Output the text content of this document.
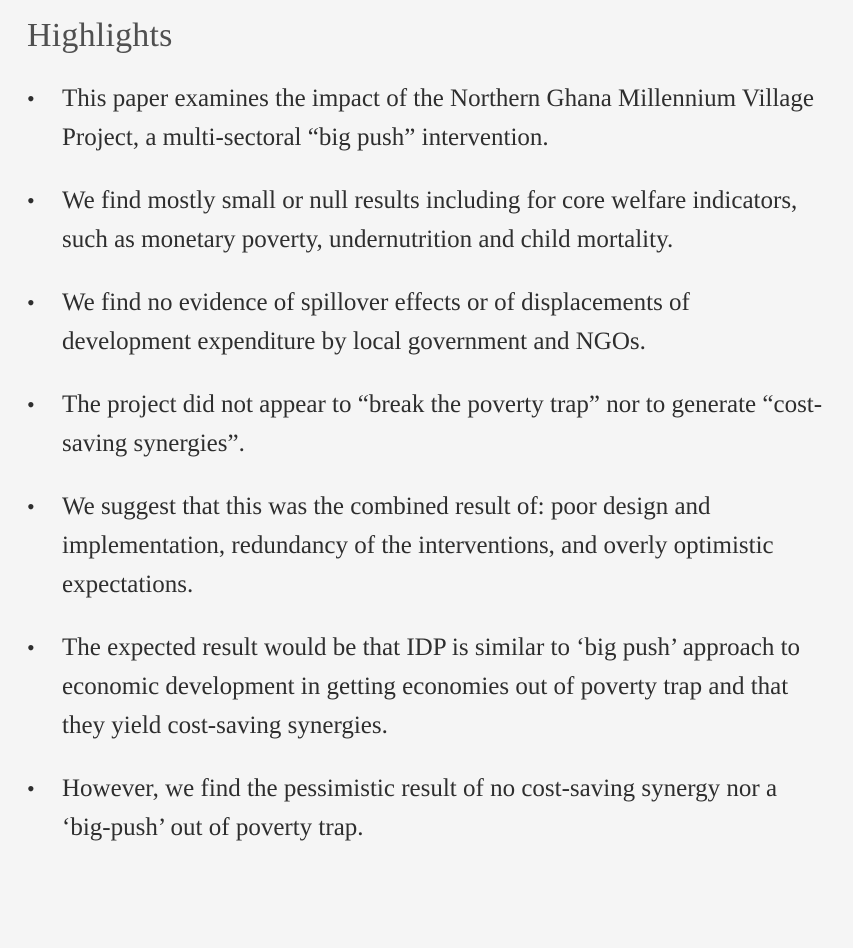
Highlights
• This paper examines the impact of the Northern Ghana Millennium Village Project, a multi-sectoral “big push” intervention.
• We find mostly small or null results including for core welfare indicators, such as monetary poverty, undernutrition and child mortality.
• We find no evidence of spillover effects or of displacements of development expenditure by local government and NGOs.
• The project did not appear to “break the poverty trap” nor to generate “cost-saving synergies”.
• We suggest that this was the combined result of: poor design and implementation, redundancy of the interventions, and overly optimistic expectations.
• The expected result would be that IDP is similar to ‘big push’ approach to economic development in getting economies out of poverty trap and that they yield cost-saving synergies.
• However, we find the pessimistic result of no cost-saving synergy nor a ‘big-push’ out of poverty trap.
